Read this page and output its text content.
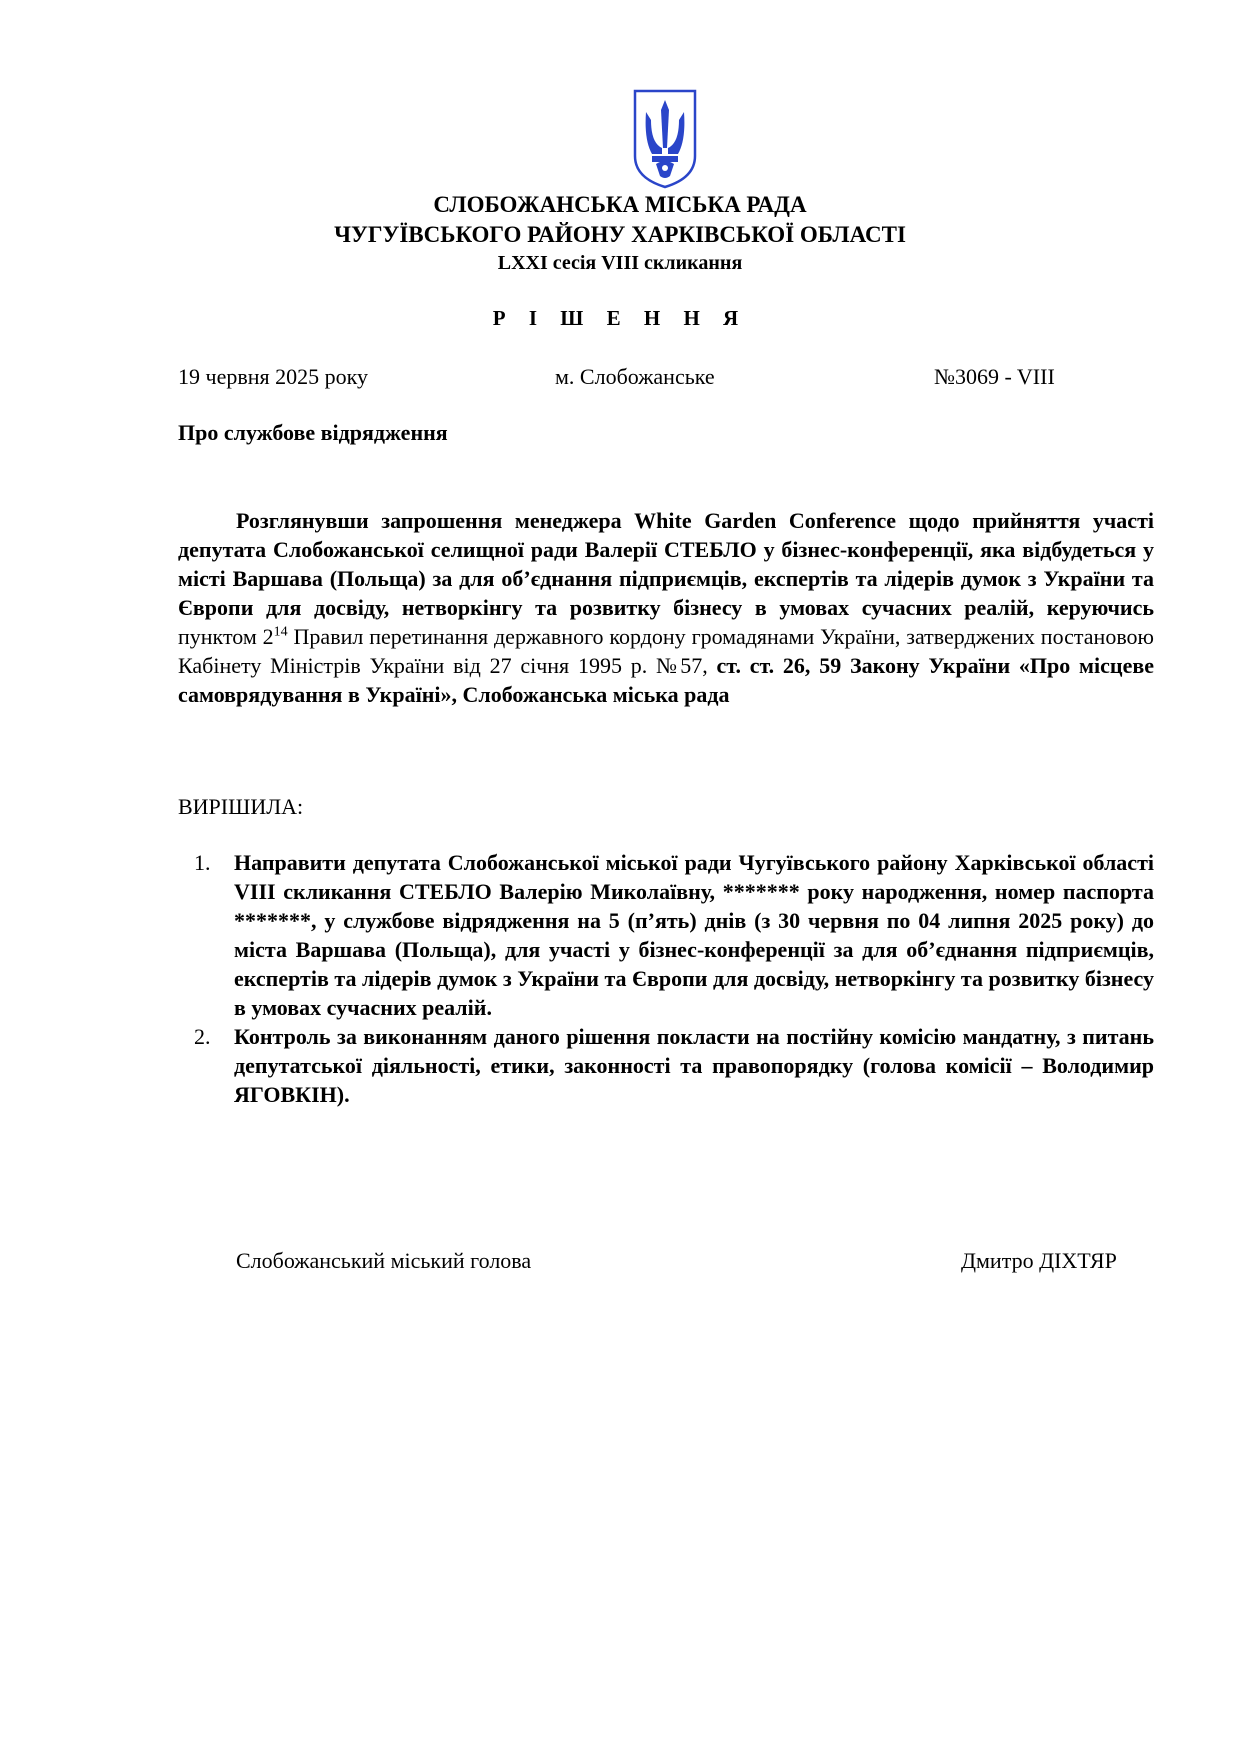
СЛОБОЖАНСЬКА МІСЬКА РАДА
ЧУГУЇВСЬКОГО РАЙОНУ ХАРКІВСЬКОЇ ОБЛАСТІ
LXXI сесія VIII скликання
Р І Ш Е Н Н Я
19 червня 2025 року	м. Слобожанське	№3069 - VIII
Про службове відрядження
Розглянувши запрошення менеджера White Garden Conference щодо прийняття участі депутата Слобожанської селищної ради Валерії СТЕБЛО у бізнес-конференції, яка відбудеться у місті Варшава (Польща) за для об’єднання підприємців, експертів та лідерів думок з України та Європи для досвіду, нетворкінгу та розвитку бізнесу в умовах сучасних реалій, керуючись пунктом $2^{14}$ Правил перетинання державного кордону громадянами України, затверджених постановою Кабінету Міністрів України від 27 січня 1995 р. №57, ст. ст. 26, 59 Закону України «Про місцеве самоврядування в Україні», Слобожанська міська рада
ВИРІШИЛА:
1.	Направити депутата Слобожанської міської ради Чугуївського району Харківської області VIII скликання СТЕБЛО Валерію Миколаївну, ******* року народження, номер паспорта *******, у службове відрядження на 5 (п’ять) днів (з 30 червня по 04 липня 2025 року) до міста Варшава (Польща), для участі у бізнес-конференції за для об’єднання підприємців, експертів та лідерів думок з України та Європи для досвіду, нетворкінгу та розвитку бізнесу в умовах сучасних реалій.
2.	Контроль за виконанням даного рішення покласти на постійну комісію мандатну, з питань депутатської діяльності, етики, законності та правопорядку (голова комісії – Володимир ЯГОВКІН).
Слобожанський міський голова	Дмитро ДІХТЯР
